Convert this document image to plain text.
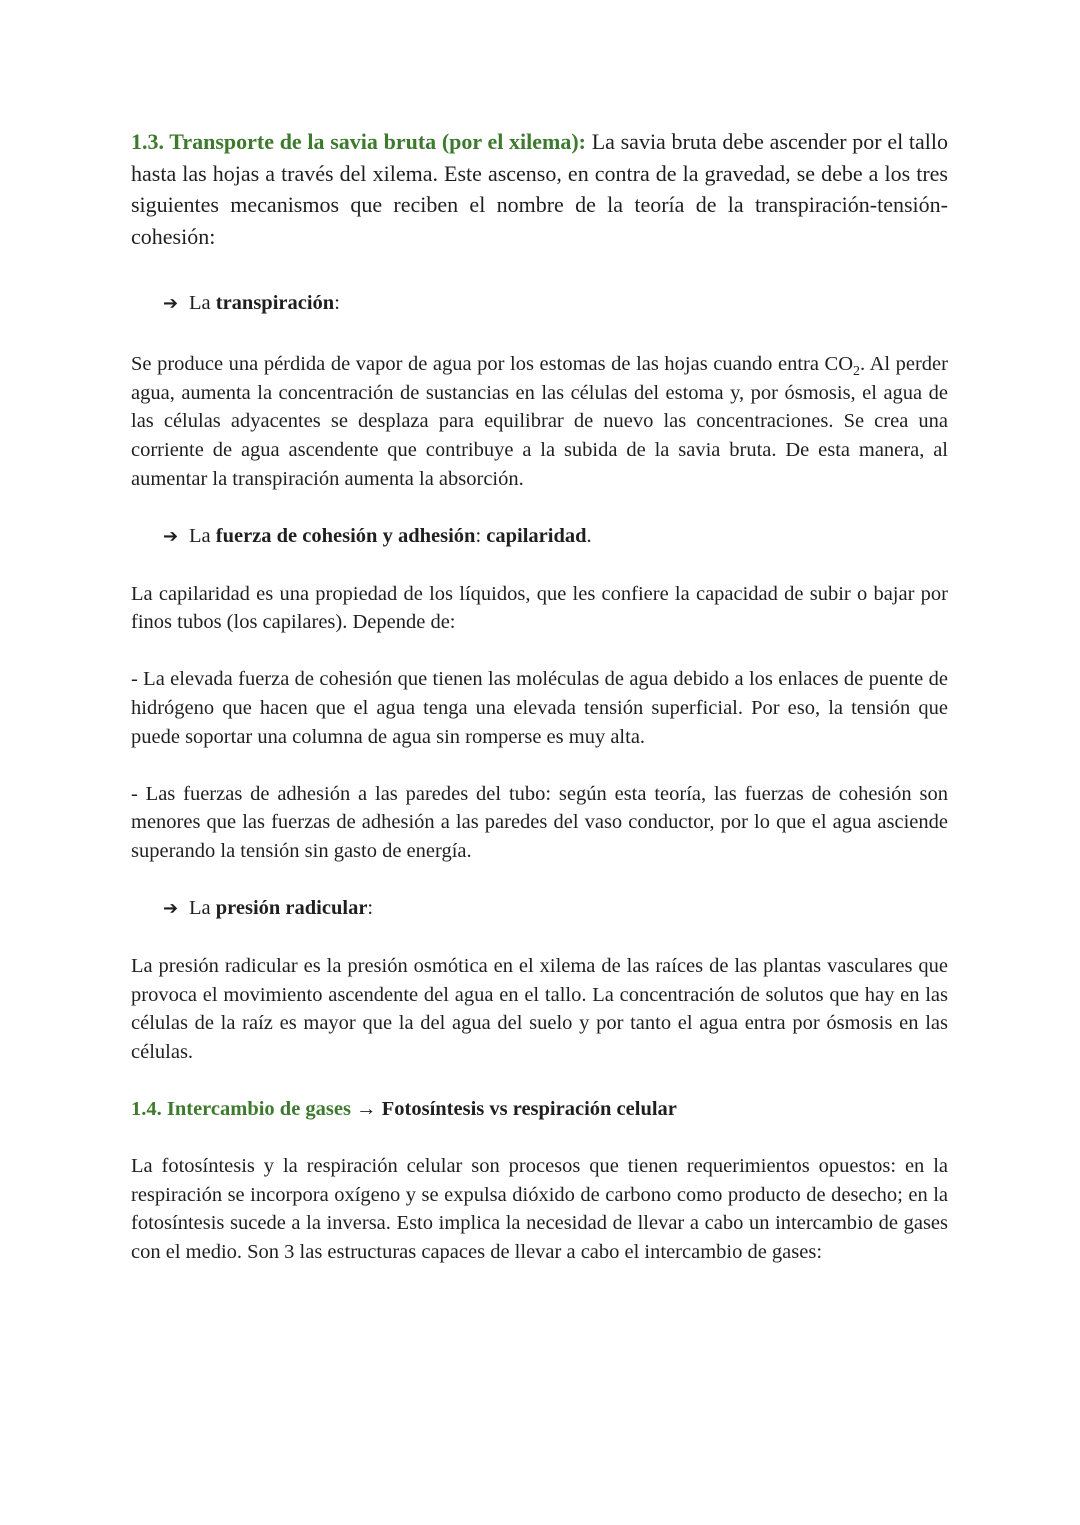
1.3. Transporte de la savia bruta (por el xilema): La savia bruta debe ascender por el tallo hasta las hojas a través del xilema. Este ascenso, en contra de la gravedad, se debe a los tres siguientes mecanismos que reciben el nombre de la teoría de la transpiración-tensión-cohesión:

➔ La transpiración:

Se produce una pérdida de vapor de agua por los estomas de las hojas cuando entra $CO_2$. Al perder agua, aumenta la concentración de sustancias en las células del estoma y, por ósmosis, el agua de las células adyacentes se desplaza para equilibrar de nuevo las concentraciones. Se crea una corriente de agua ascendente que contribuye a la subida de la savia bruta. De esta manera, al aumentar la transpiración aumenta la absorción.

➔ La fuerza de cohesión y adhesión: capilaridad.

La capilaridad es una propiedad de los líquidos, que les confiere la capacidad de subir o bajar por finos tubos (los capilares). Depende de:

- La elevada fuerza de cohesión que tienen las moléculas de agua debido a los enlaces de puente de hidrógeno que hacen que el agua tenga una elevada tensión superficial. Por eso, la tensión que puede soportar una columna de agua sin romperse es muy alta.

- Las fuerzas de adhesión a las paredes del tubo: según esta teoría, las fuerzas de cohesión son menores que las fuerzas de adhesión a las paredes del vaso conductor, por lo que el agua asciende superando la tensión sin gasto de energía.

➔ La presión radicular:

La presión radicular es la presión osmótica en el xilema de las raíces de las plantas vasculares que provoca el movimiento ascendente del agua en el tallo. La concentración de solutos que hay en las células de la raíz es mayor que la del agua del suelo y por tanto el agua entra por ósmosis en las células.

1.4. Intercambio de gases → Fotosíntesis vs respiración celular

La fotosíntesis y la respiración celular son procesos que tienen requerimientos opuestos: en la respiración se incorpora oxígeno y se expulsa dióxido de carbono como producto de desecho; en la fotosíntesis sucede a la inversa. Esto implica la necesidad de llevar a cabo un intercambio de gases con el medio. Son 3 las estructuras capaces de llevar a cabo el intercambio de gases:
